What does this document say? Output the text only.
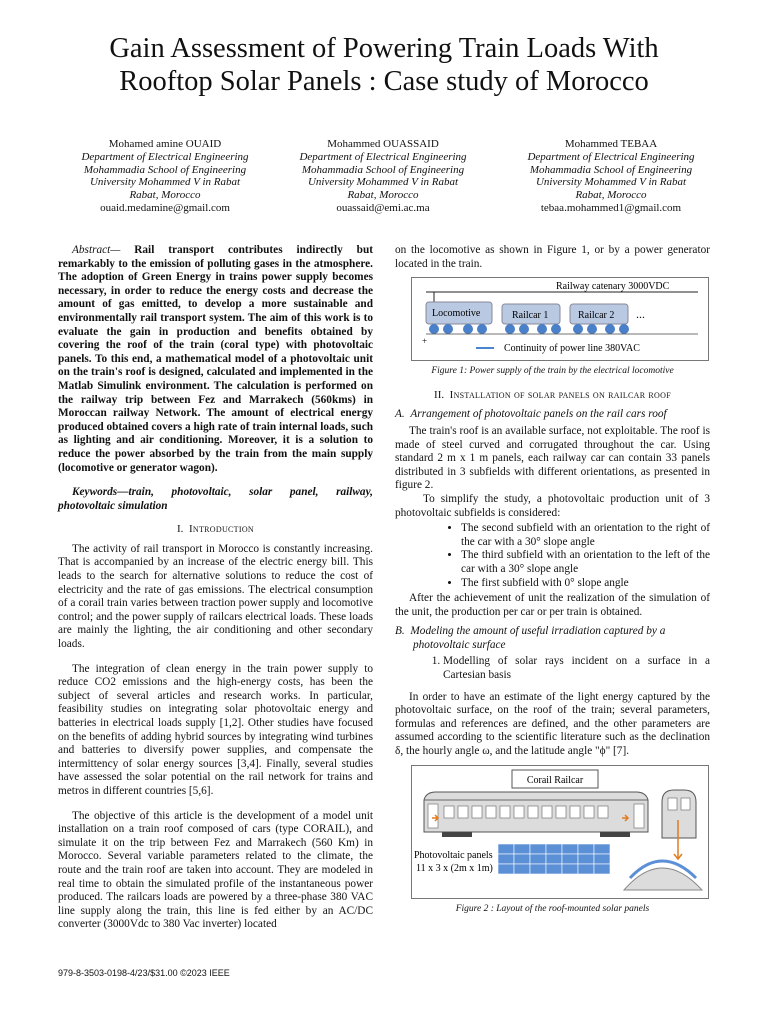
Gain Assessment of Powering Train Loads With
Rooftop Solar Panels : Case study of Morocco
Mohamed amine OUAID
Department of Electrical Engineering
Mohammadia School of Engineering
University Mohammed V in Rabat
Rabat, Morocco
ouaid.medamine@gmail.com
Mohammed OUASSAID
Department of Electrical Engineering
Mohammadia School of Engineering
University Mohammed V in Rabat
Rabat, Morocco
ouassaid@emi.ac.ma
Mohammed TEBAA
Department of Electrical Engineering
Mohammadia School of Engineering
University Mohammed V in Rabat
Rabat, Morocco
tebaa.mohammed1@gmail.com

Abstract— Rail transport contributes indirectly but remarkably to the emission of polluting gases in the atmosphere. The adoption of Green Energy in trains power supply becomes necessary, in order to reduce the energy costs and decrease the amount of gas emitted, to develop a more sustainable and environmentally rail transport system. The aim of this work is to evaluate the gain in production and benefits obtained by covering the roof of the train (coral type) with photovoltaic panels. To this end, a mathematical model of a photovoltaic unit on the train's roof is designed, calculated and implemented in the Matlab Simulink environment. The calculation is performed on the railway trip between Fez and Marrakech (560kms) in Moroccan railway Network. The amount of electrical energy produced obtained covers a high rate of train internal loads, such as lighting and air conditioning. Moreover, it is a solution to reduce the power absorbed by the train from the main supply (locomotive or generator wagon).

Keywords—train, photovoltaic, solar panel, railway, photovoltaic simulation

I. Introduction

The activity of rail transport in Morocco is constantly increasing. That is accompanied by an increase of the electric energy bill. This leads to the search for alternative solutions to reduce the cost of electricity and the rate of gas emissions. The electrical consumption of a corail train varies between traction power supply and locomotive control; and the power supply of railcars electrical loads. These loads are mainly the lighting, the air conditioning and other secondary loads.

The integration of clean energy in the train power supply to reduce CO2 emissions and the high-energy costs, has been the subject of several articles and research works. In particular, feasibility studies on integrating solar photovoltaic energy and batteries in electrical loads supply [1,2]. Other studies have focused on the benefits of adding hybrid sources by integrating wind turbines and batteries to diversify power supplies, and compensate the intermittency of solar energy sources [3,4]. Finally, several studies have assessed the solar potential on the rail network for trains and metros in different countries [5,6].

The objective of this article is the development of a model unit installation on a train roof composed of cars (type CORAIL), and simulate it on the trip between Fez and Marrakech (560 Km) in Morocco. Several variable parameters related to the climate, the route and the train roof are taken into account. They are modeled in real time to obtain the simulated profile of the instantaneous power produced. The railcars loads are powered by a three-phase 380 VAC line supply along the train, this line is fed either by an AC/DC converter (3000Vdc to 380 Vac inverter) located

on the locomotive as shown in Figure 1, or by a power generator located in the train.

Railway catenary 3000VDC
Locomotive	Railcar 1	Railcar 2 ...
+
Continuity of power line 380VAC

Figure 1: Power supply of the train by the electrical locomotive

II. Installation of solar panels on railcar roof

A. Arrangement of photovoltaic panels on the rail cars roof

The train's roof is an available surface, not exploitable. The roof is made of steel curved and corrugated throughout the car. Using standard 2 m x 1 m panels, each railway car can contain 33 panels distributed in 3 subfields with different orientations, as presented in figure 2.

To simplify the study, a photovoltaic production unit of 3 photovoltaic subfields is considered:

• The second subfield with an orientation to the right of the car with a 30° slope angle
• The third subfield with an orientation to the left of the car with a 30° slope angle
• The first subfield with 0° slope angle

After the achievement of unit the realization of the simulation of the unit, the production per car or per train is obtained.

B. Modeling the amount of useful irradiation captured by a photovoltaic surface

1. Modelling of solar rays incident on a surface in a Cartesian basis

In order to have an estimate of the light energy captured by the photovoltaic surface, on the roof of the train; several parameters, formulas and references are defined, and the other parameters are assumed according to the scientific literature such as the declination δ, the hourly angle ω, and the latitude angle "ϕ" [7].

Corail Railcar
Photovoltaic panels
11 x 3 x (2m x 1m)

Figure 2 : Layout of the roof-mounted solar panels

979-8-3503-0198-4/23/$31.00 ©2023 IEEE
